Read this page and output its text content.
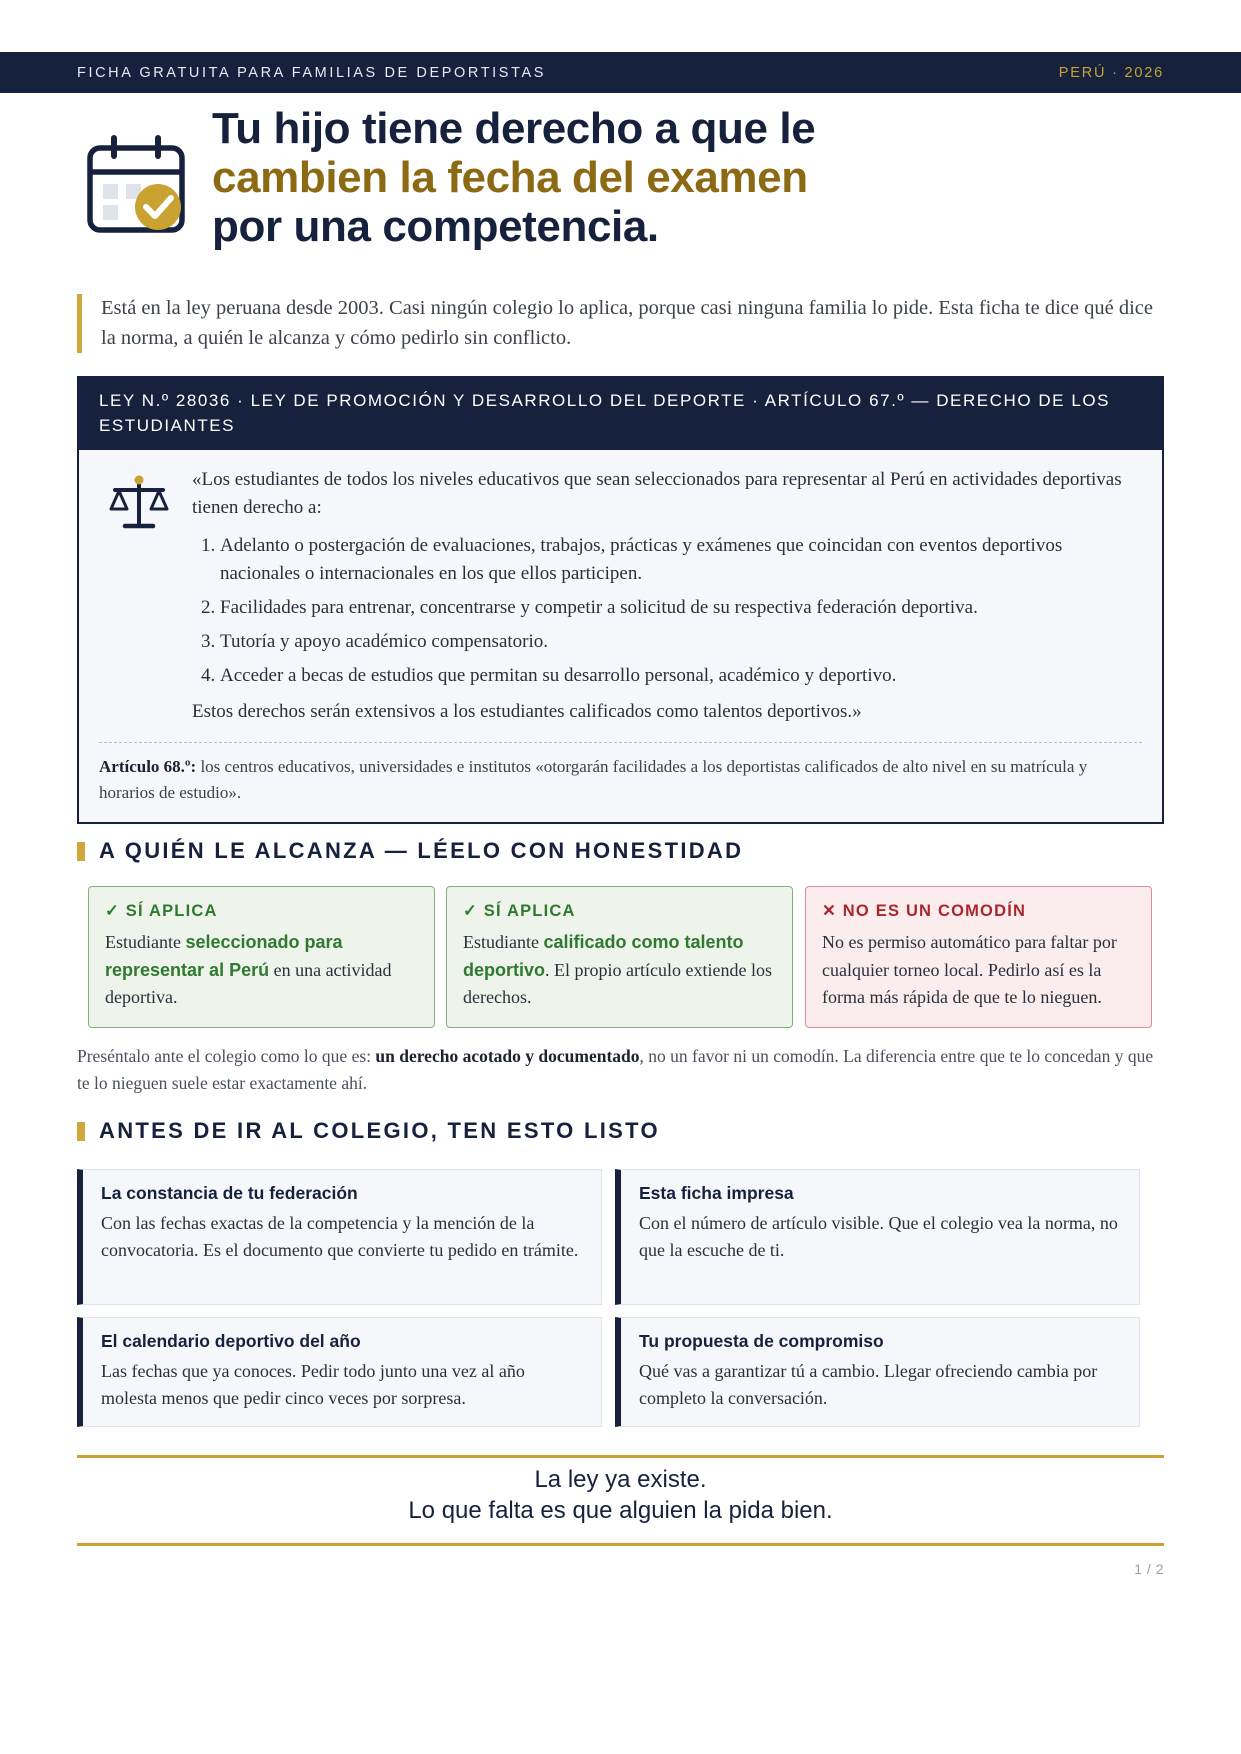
FICHA GRATUITA PARA FAMILIAS DE DEPORTISTAS	PERÚ · 2026
Tu hijo tiene derecho a que le
cambien la fecha del examen
por una competencia.

Está en la ley peruana desde 2003. Casi ningún colegio lo aplica, porque casi ninguna familia lo pide. Esta ficha te dice qué dice la norma, a quién le alcanza y cómo pedirlo sin conflicto.

LEY N.º 28036 · LEY DE PROMOCIÓN Y DESARROLLO DEL DEPORTE · ARTÍCULO 67.º — DERECHO DE LOS ESTUDIANTES

«Los estudiantes de todos los niveles educativos que sean seleccionados para representar al Perú en actividades deportivas tienen derecho a:

1. Adelanto o postergación de evaluaciones, trabajos, prácticas y exámenes que coincidan con eventos deportivos nacionales o internacionales en los que ellos participen.
2. Facilidades para entrenar, concentrarse y competir a solicitud de su respectiva federación deportiva.
3. Tutoría y apoyo académico compensatorio.
4. Acceder a becas de estudios que permitan su desarrollo personal, académico y deportivo.

Estos derechos serán extensivos a los estudiantes calificados como talentos deportivos.»

Artículo 68.º: los centros educativos, universidades e institutos «otorgarán facilidades a los deportistas calificados de alto nivel en su matrícula y horarios de estudio».

A QUIÉN LE ALCANZA — LÉELO CON HONESTIDAD
✓ SÍ APLICA
Estudiante seleccionado para representar al Perú en una actividad deportiva.
✓ SÍ APLICA
Estudiante calificado como talento deportivo. El propio artículo extiende los derechos.
✕ NO ES UN COMODÍN
No es permiso automático para faltar por cualquier torneo local. Pedirlo así es la forma más rápida de que te lo nieguen.

Preséntalo ante el colegio como lo que es: un derecho acotado y documentado, no un favor ni un comodín. La diferencia entre que te lo concedan y que te lo nieguen suele estar exactamente ahí.

ANTES DE IR AL COLEGIO, TEN ESTO LISTO
La constancia de tu federación
Con las fechas exactas de la competencia y la mención de la convocatoria. Es el documento que convierte tu pedido en trámite.
Esta ficha impresa
Con el número de artículo visible. Que el colegio vea la norma, no que la escuche de ti.
El calendario deportivo del año
Las fechas que ya conoces. Pedir todo junto una vez al año molesta menos que pedir cinco veces por sorpresa.
Tu propuesta de compromiso
Qué vas a garantizar tú a cambio. Llegar ofreciendo cambia por completo la conversación.
La ley ya existe.
Lo que falta es que alguien la pida bien.
1 / 2
